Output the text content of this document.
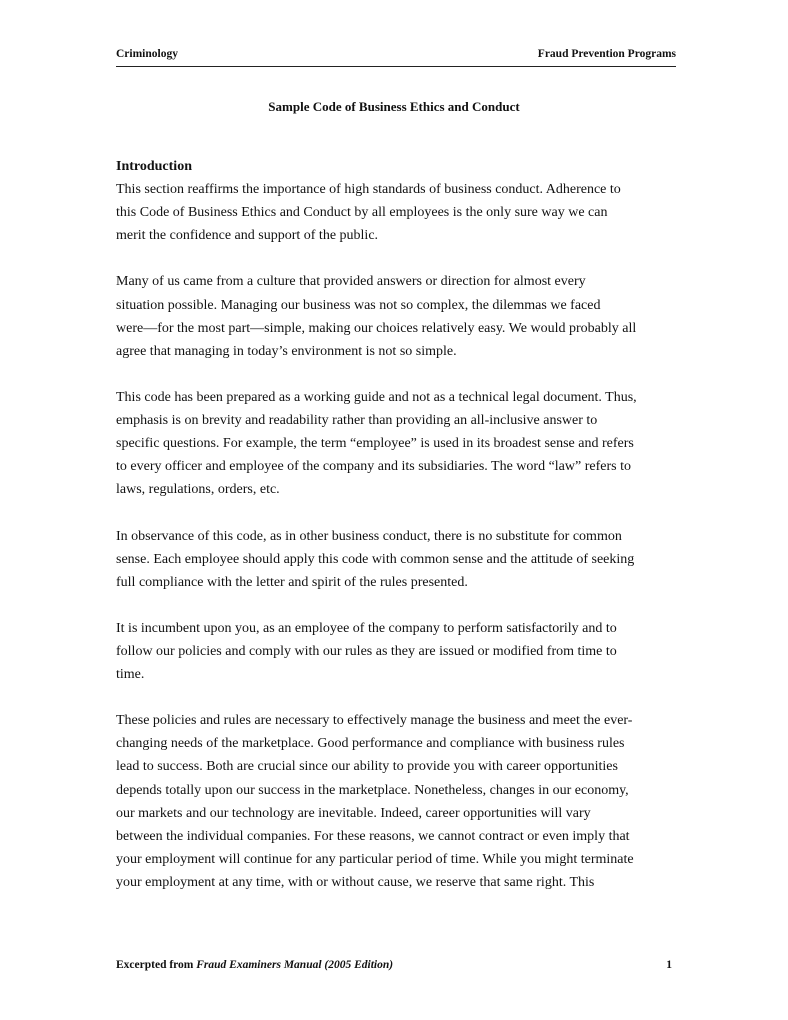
Criminology	Fraud Prevention Programs
Sample Code of Business Ethics and Conduct

Introduction

This section reaffirms the importance of high standards of business conduct. Adherence to
this Code of Business Ethics and Conduct by all employees is the only sure way we can
merit the confidence and support of the public.

Many of us came from a culture that provided answers or direction for almost every
situation possible. Managing our business was not so complex, the dilemmas we faced
were—for the most part—simple, making our choices relatively easy. We would probably all
agree that managing in today’s environment is not so simple.

This code has been prepared as a working guide and not as a technical legal document. Thus,
emphasis is on brevity and readability rather than providing an all-inclusive answer to
specific questions. For example, the term “employee” is used in its broadest sense and refers
to every officer and employee of the company and its subsidiaries. The word “law” refers to
laws, regulations, orders, etc.

In observance of this code, as in other business conduct, there is no substitute for common
sense. Each employee should apply this code with common sense and the attitude of seeking
full compliance with the letter and spirit of the rules presented.

It is incumbent upon you, as an employee of the company to perform satisfactorily and to
follow our policies and comply with our rules as they are issued or modified from time to
time.

These policies and rules are necessary to effectively manage the business and meet the ever-
changing needs of the marketplace. Good performance and compliance with business rules
lead to success. Both are crucial since our ability to provide you with career opportunities
depends totally upon our success in the marketplace. Nonetheless, changes in our economy,
our markets and our technology are inevitable. Indeed, career opportunities will vary
between the individual companies. For these reasons, we cannot contract or even imply that
your employment will continue for any particular period of time. While you might terminate
your employment at any time, with or without cause, we reserve that same right. This

Excerpted from Fraud Examiners Manual (2005 Edition)	1
